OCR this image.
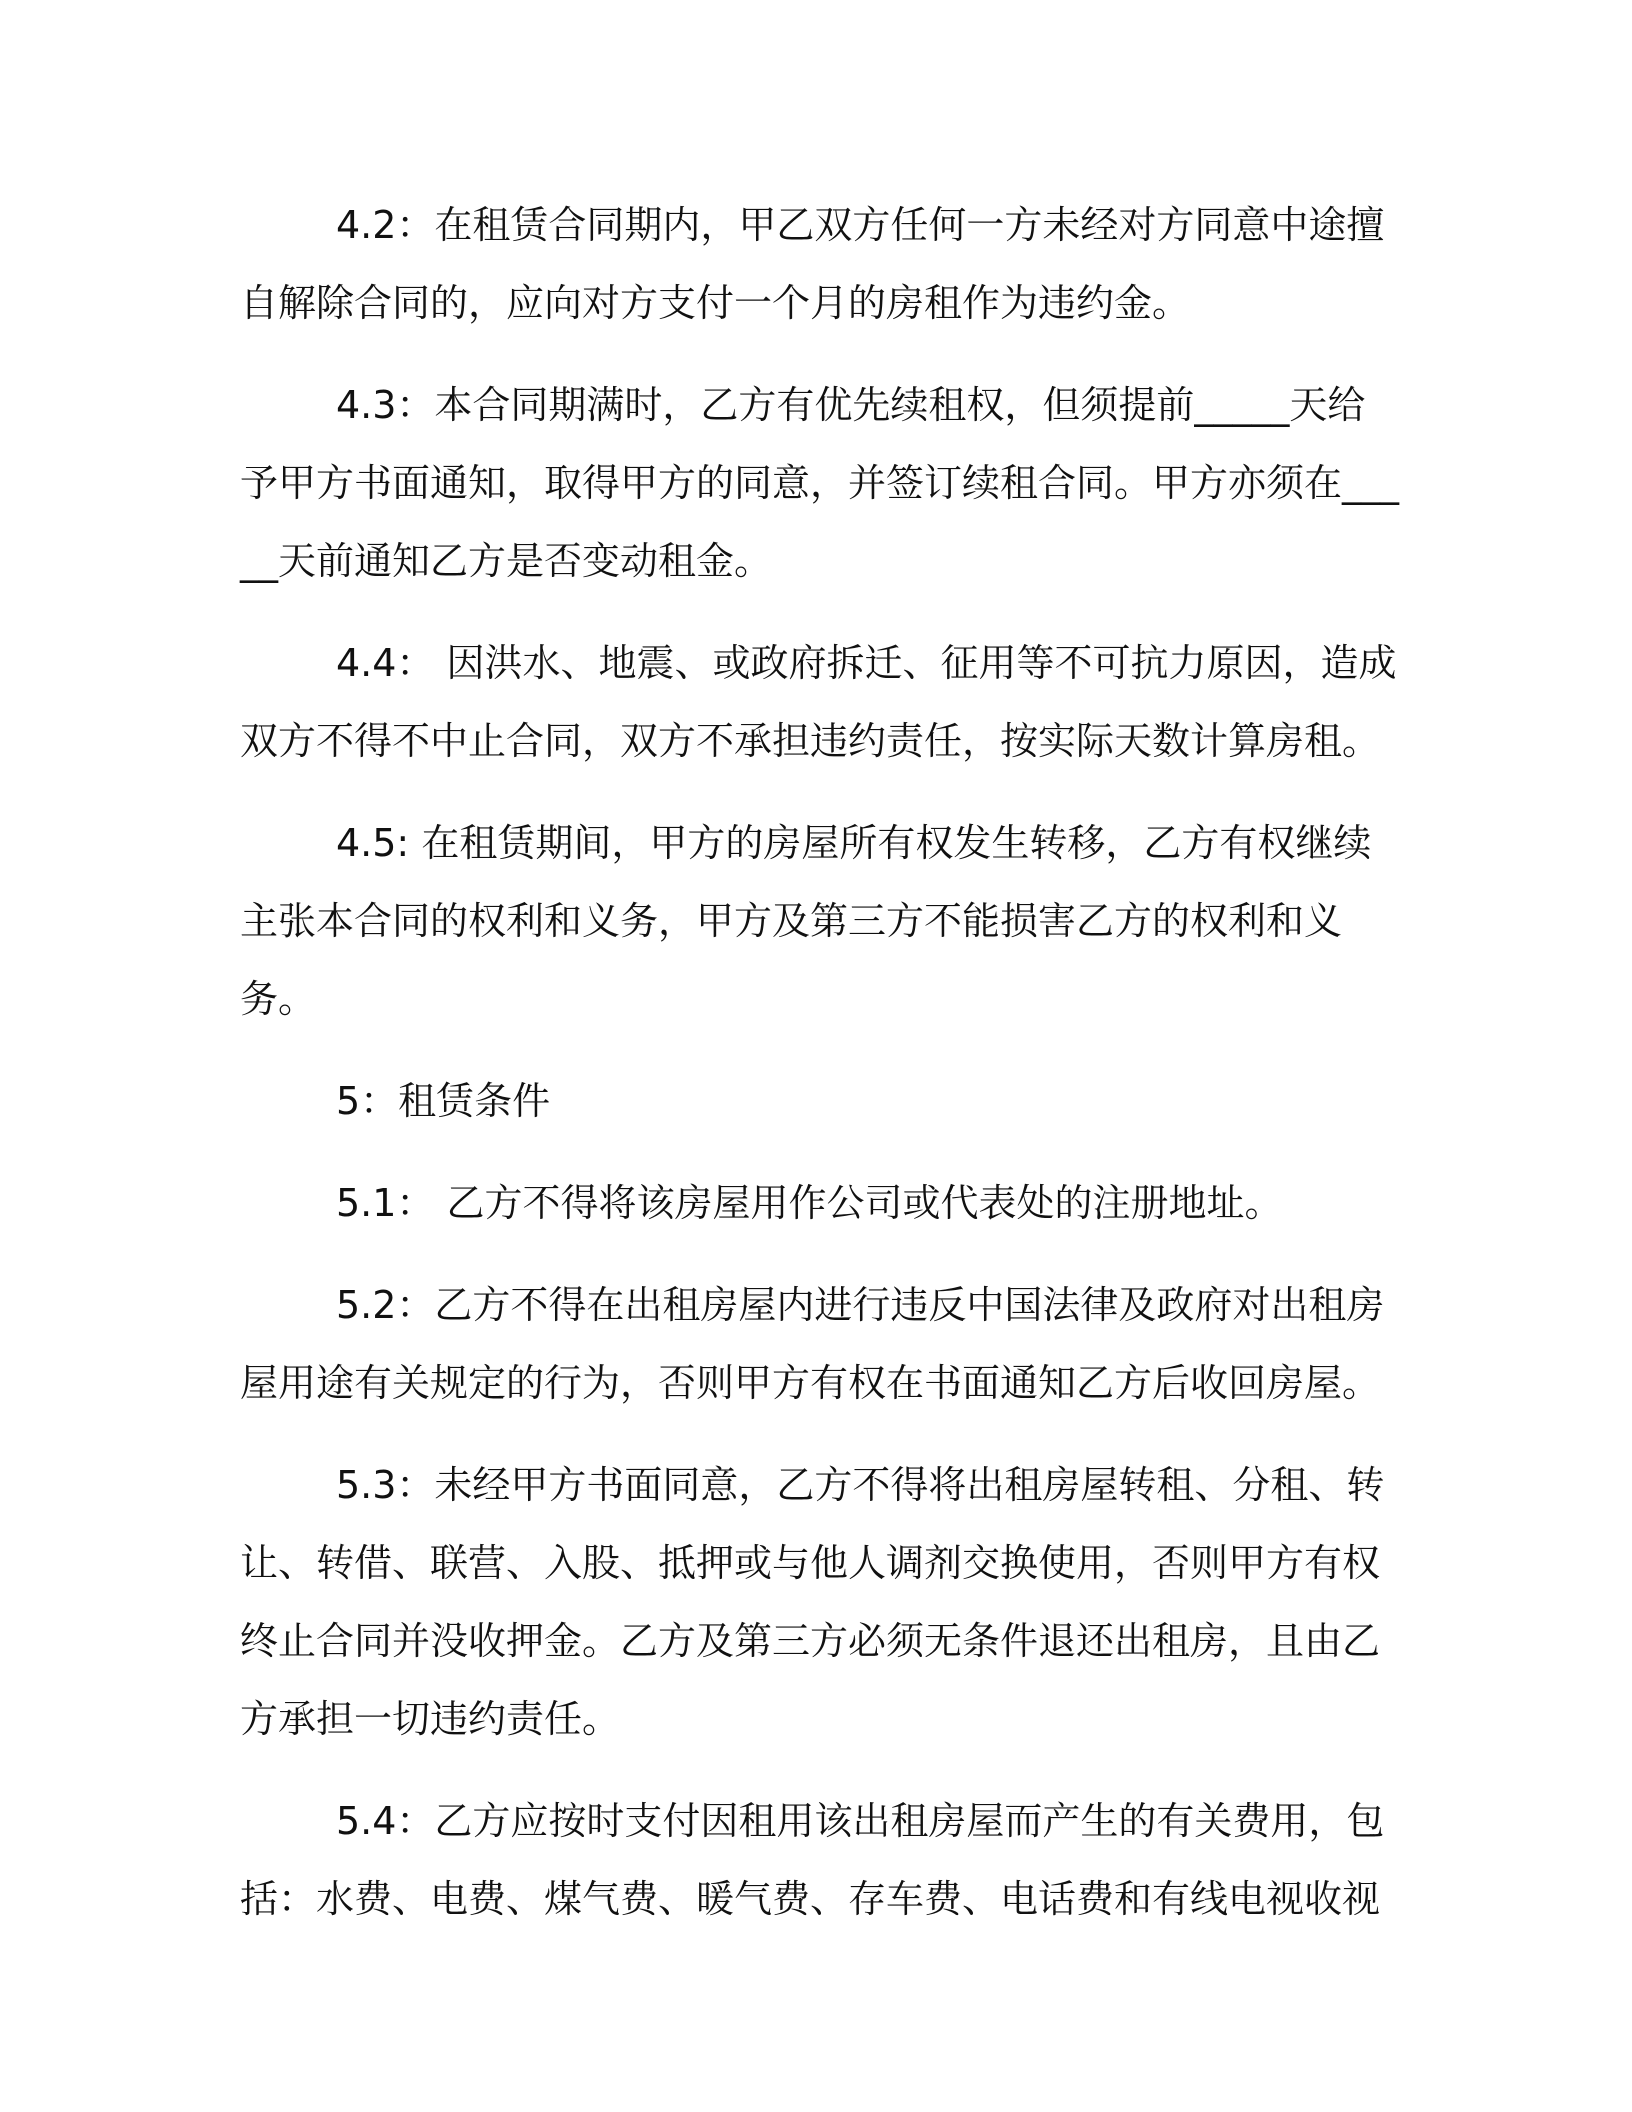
4.2：在租赁合同期内，甲乙双方任何一方未经对方同意中途擅自解除合同的，应向对方支付一个月的房租作为违约金。

4.3：本合同期满时，乙方有优先续租权，但须提前_____天给予甲方书面通知，取得甲方的同意，并签订续租合同。甲方亦须在_____天前通知乙方是否变动租金。

4.4： 因洪水、地震、或政府拆迁、征用等不可抗力原因，造成双方不得不中止合同，双方不承担违约责任，按实际天数计算房租。

4.5: 在租赁期间，甲方的房屋所有权发生转移，乙方有权继续主张本合同的权利和义务，甲方及第三方不能损害乙方的权利和义务。

5：租赁条件

5.1： 乙方不得将该房屋用作公司或代表处的注册地址。

5.2：乙方不得在出租房屋内进行违反中国法律及政府对出租房屋用途有关规定的行为，否则甲方有权在书面通知乙方后收回房屋。

5.3：未经甲方书面同意，乙方不得将出租房屋转租、分租、转让、转借、联营、入股、抵押或与他人调剂交换使用，否则甲方有权终止合同并没收押金。乙方及第三方必须无条件退还出租房，且由乙方承担一切违约责任。

5.4：乙方应按时支付因租用该出租房屋而产生的有关费用，包括：水费、电费、煤气费、暖气费、存车费、电话费和有线电视收视
